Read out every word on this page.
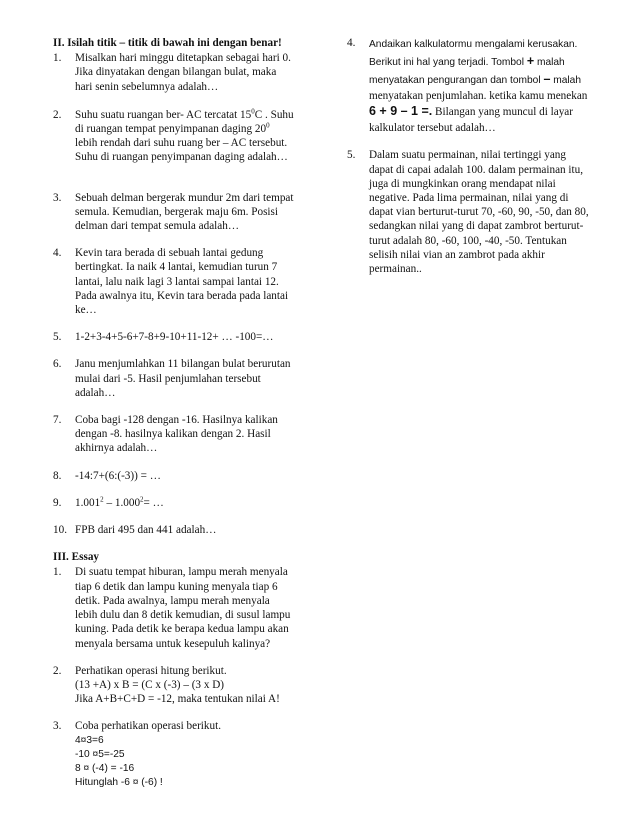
II. Isilah titik – titik di bawah ini dengan benar!
1.	Misalkan hari minggu ditetapkan sebagai hari 0.
Jika dinyatakan dengan bilangan bulat, maka
hari senin sebelumnya adalah…
2.	Suhu suatu ruangan ber- AC tercatat $15^0C$ . Suhu
di ruangan tempat penyimpanan daging $20^0$
lebih rendah dari suhu ruang ber – AC tersebut.
Suhu di ruangan penyimpanan daging adalah…
3.	Sebuah delman bergerak mundur 2m dari tempat
semula. Kemudian, bergerak maju 6m. Posisi
delman dari tempat semula adalah…
4.	Kevin tara berada di sebuah lantai gedung
bertingkat. Ia naik 4 lantai, kemudian turun 7
lantai, lalu naik lagi 3 lantai sampai lantai 12.
Pada awalnya itu, Kevin tara berada pada lantai
ke…
5.	1-2+3-4+5-6+7-8+9-10+11-12+ … -100=…
6.	Janu menjumlahkan 11 bilangan bulat berurutan
mulai dari -5. Hasil penjumlahan tersebut
adalah…
7.	Coba bagi -128 dengan -16. Hasilnya kalikan
dengan -8. hasilnya kalikan dengan 2. Hasil
akhirnya adalah…
8.	-14:7+(6:(-3)) = …
9.	$1.001^2 - 1.000^2=$ …
10. FPB dari 495 dan 441 adalah…
III. Essay
1.	Di suatu tempat hiburan, lampu merah menyala
tiap 6 detik dan lampu kuning menyala tiap 6
detik. Pada awalnya, lampu merah menyala
lebih dulu dan 8 detik kemudian, di susul lampu
kuning. Pada detik ke berapa kedua lampu akan
menyala bersama untuk kesepuluh kalinya?
2.	Perhatikan operasi hitung berikut.
(13 +A) x B = (C x (-3) – (3 x D)
Jika A+B+C+D = -12, maka tentukan nilai A!
3.	Coba perhatikan operasi berikut.
4¤3=6
-10 ¤5=-25
8 ¤ (-4) = -16
Hitunglah -6 ¤ (-6) !
4.	Andaikan kalkulatormu mengalami kerusakan.
Berikut ini hal yang terjadi. Tombol + malah
menyatakan pengurangan dan tombol – malah
menyatakan penjumlahan. ketika kamu menekan
6 + 9 – 1 =. Bilangan yang muncul di layar
kalkulator tersebut adalah…
5.	Dalam suatu permainan, nilai tertinggi yang
dapat di capai adalah 100. dalam permainan itu,
juga di mungkinkan orang mendapat nilai
negative. Pada lima permainan, nilai yang di
dapat vian berturut-turut 70, -60, 90, -50, dan 80,
sedangkan nilai yang di dapat zambrot berturut-
turut adalah 80, -60, 100, -40, -50. Tentukan
selisih nilai vian an zambrot pada akhir
permainan..
